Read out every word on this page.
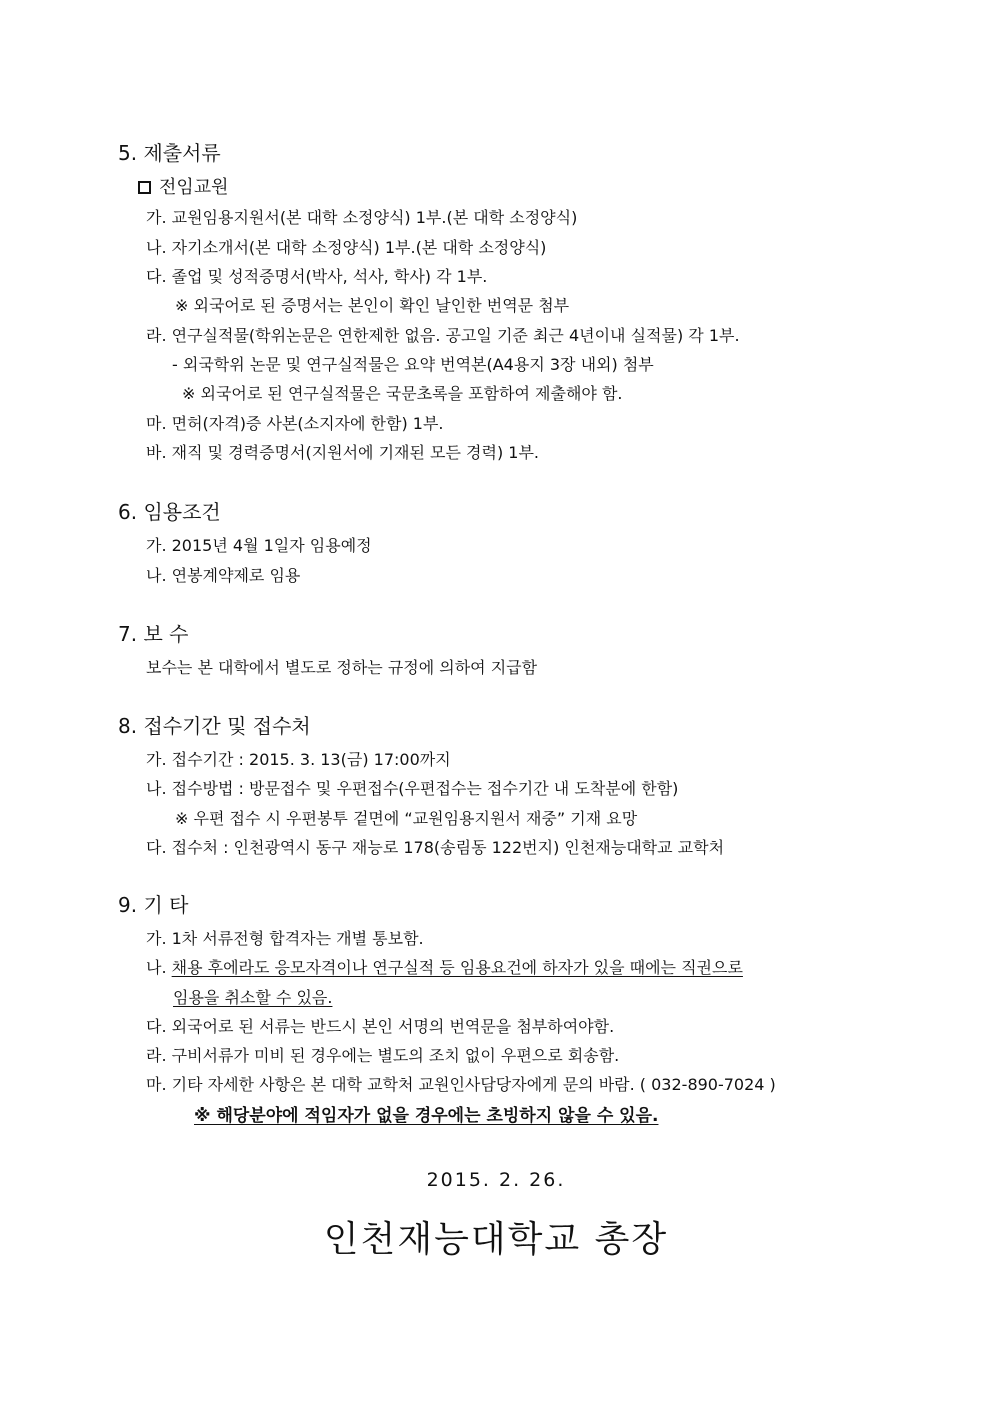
5. 제출서류
전임교원
가. 교원임용지원서(본 대학 소정양식) 1부.(본 대학 소정양식)
나. 자기소개서(본 대학 소정양식) 1부.(본 대학 소정양식)
다. 졸업 및 성적증명서(박사, 석사, 학사) 각 1부.
※ 외국어로 된 증명서는 본인이 확인 날인한 번역문 첨부
라. 연구실적물(학위논문은 연한제한 없음. 공고일 기준 최근 4년이내 실적물) 각 1부.
- 외국학위 논문 및 연구실적물은 요약 번역본(A4용지 3장 내외) 첨부
※ 외국어로 된 연구실적물은 국문초록을 포함하여 제출해야 함.
마. 면허(자격)증 사본(소지자에 한함) 1부.
바. 재직 및 경력증명서(지원서에 기재된 모든 경력) 1부.
6. 임용조건
가. 2015년 4월 1일자 임용예정
나. 연봉계약제로 임용
7. 보 수
보수는 본 대학에서 별도로 정하는 규정에 의하여 지급함
8. 접수기간 및 접수처
가. 접수기간 : 2015. 3. 13(금) 17:00까지
나. 접수방법 : 방문접수 및 우편접수(우편접수는 접수기간 내 도착분에 한함)
※ 우편 접수 시 우편봉투 겉면에 “교원임용지원서 재중” 기재 요망
다. 접수처 : 인천광역시 동구 재능로 178(송림동 122번지) 인천재능대학교 교학처
9. 기 타
가. 1차 서류전형 합격자는 개별 통보함.
나. 채용 후에라도 응모자격이나 연구실적 등 임용요건에 하자가 있을 때에는 직권으로
임용을 취소할 수 있음.
다. 외국어로 된 서류는 반드시 본인 서명의 번역문을 첨부하여야함.
라. 구비서류가 미비 된 경우에는 별도의 조치 없이 우편으로 회송함.
마. 기타 자세한 사항은 본 대학 교학처 교원인사담당자에게 문의 바람. ( 032-890-7024 )
※ 해당분야에 적임자가 없을 경우에는 초빙하지 않을 수 있음.
2015. 2. 26.
인천재능대학교 총장
